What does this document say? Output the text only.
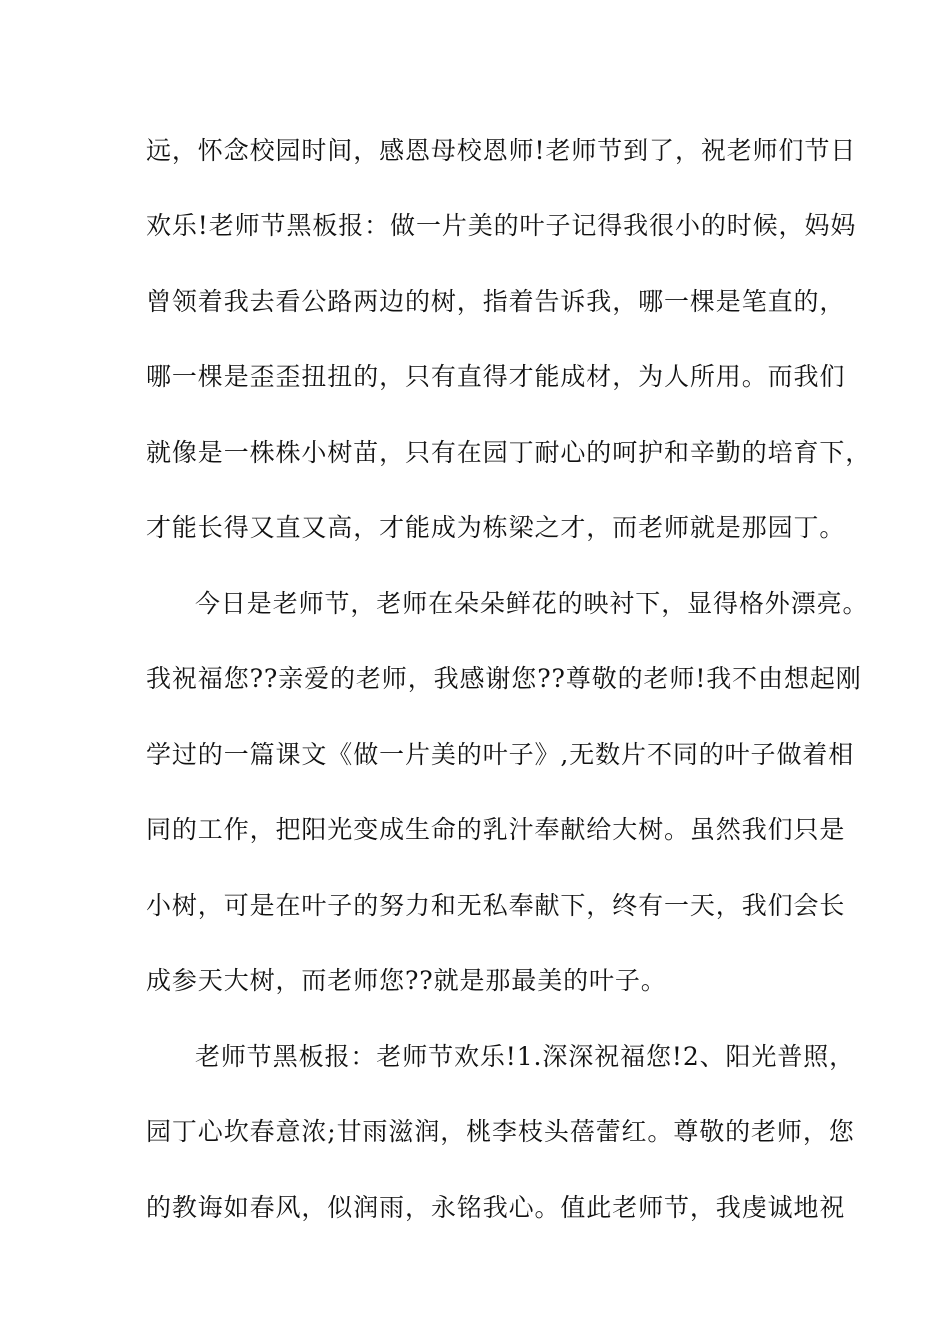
远，怀念校园时间，感恩母校恩师!老师节到了，祝老师们节日
欢乐!老师节黑板报：做一片美的叶子记得我很小的时候，妈妈
曾领着我去看公路两边的树，指着告诉我，哪一棵是笔直的，
哪一棵是歪歪扭扭的，只有直得才能成材，为人所用。而我们
就像是一株株小树苗，只有在园丁耐心的呵护和辛勤的培育下，
才能长得又直又高，才能成为栋梁之才，而老师就是那园丁。
今日是老师节，老师在朵朵鲜花的映衬下，显得格外漂亮。
我祝福您??亲爱的老师，我感谢您??尊敬的老师!我不由想起刚
学过的一篇课文《做一片美的叶子》,无数片不同的叶子做着相
同的工作，把阳光变成生命的乳汁奉献给大树。虽然我们只是
小树，可是在叶子的努力和无私奉献下，终有一天，我们会长
成参天大树，而老师您??就是那最美的叶子。
老师节黑板报：老师节欢乐!1.深深祝福您!2、阳光普照，
园丁心坎春意浓;甘雨滋润，桃李枝头蓓蕾红。尊敬的老师，您
的教诲如春风，似润雨，永铭我心。值此老师节，我虔诚地祝
